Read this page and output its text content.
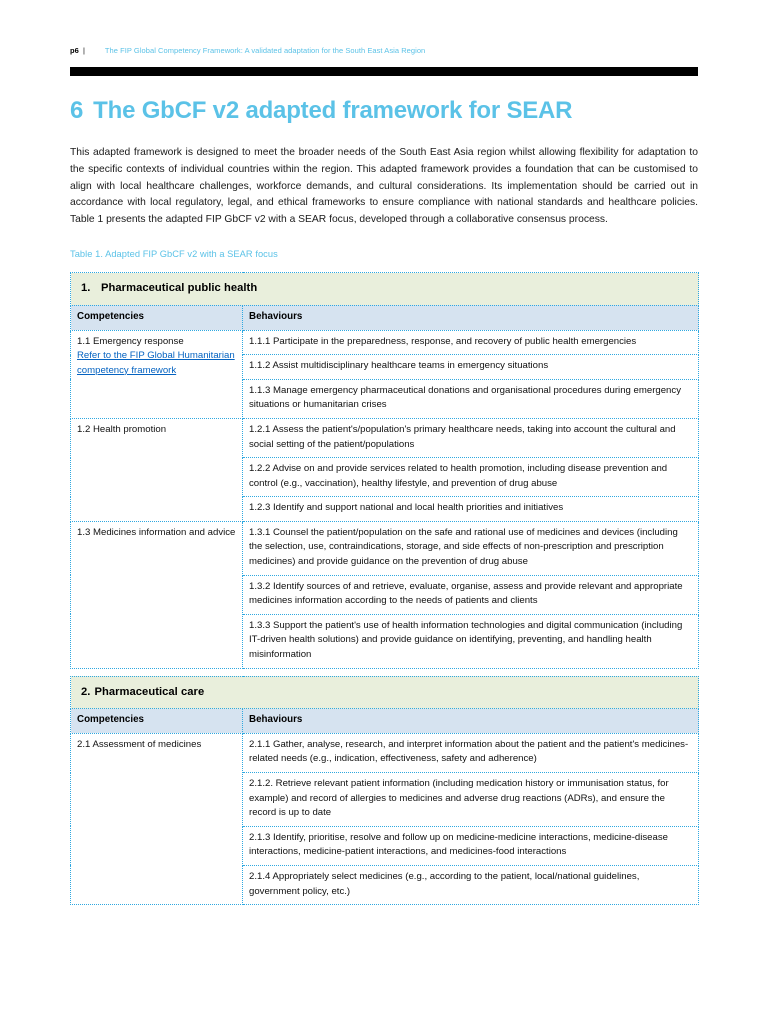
p6 |	The FIP Global Competency Framework: A validated adaptation for the South East Asia Region
6 The GbCF v2 adapted framework for SEAR

This adapted framework is designed to meet the broader needs of the South East Asia region whilst allowing flexibility for adaptation to the specific contexts of individual countries within the region. This adapted framework provides a foundation that can be customised to align with local healthcare challenges, workforce demands, and cultural considerations. Its implementation should be carried out in accordance with local regulatory, legal, and ethical frameworks to ensure compliance with national standards and healthcare policies. Table 1 presents the adapted FIP GbCF v2 with a SEAR focus, developed through a collaborative consensus process.

Table 1. Adapted FIP GbCF v2 with a SEAR focus
1. Pharmaceutical public health	
Competencies	Behaviours

1.1 Emergency response
Refer to the FIP Global Humanitarian competency framework	1.1.1 Participate in the preparedness, response, and recovery of public health emergencies
	1.1.2 Assist multidisciplinary healthcare teams in emergency situations
	1.1.3 Manage emergency pharmaceutical donations and organisational procedures during emergency situations or humanitarian crises

1.2 Health promotion	1.2.1 Assess the patient's/population's primary healthcare needs, taking into account the cultural and social setting of the patient/populations
	1.2.2 Advise on and provide services related to health promotion, including disease prevention and control (e.g., vaccination), healthy lifestyle, and prevention of drug abuse
	1.2.3 Identify and support national and local health priorities and initiatives

1.3 Medicines information and advice	1.3.1 Counsel the patient/population on the safe and rational use of medicines and devices (including the selection, use, contraindications, storage, and side effects of non-prescription and prescription medicines) and provide guidance on the prevention of drug abuse
	1.3.2 Identify sources of and retrieve, evaluate, organise, assess and provide relevant and appropriate medicines information according to the needs of patients and clients
	1.3.3 Support the patient's use of health information technologies and digital communication (including IT-driven health solutions) and provide guidance on identifying, preventing, and handling health misinformation

2. Pharmaceutical care	
Competencies	Behaviours

2.1 Assessment of medicines	2.1.1 Gather, analyse, research, and interpret information about the patient and the patient's medicines-related needs (e.g., indication, effectiveness, safety and adherence)
	2.1.2. Retrieve relevant patient information (including medication history or immunisation status, for example) and record of allergies to medicines and adverse drug reactions (ADRs), and ensure the record is up to date
	2.1.3 Identify, prioritise, resolve and follow up on medicine-medicine interactions, medicine-disease interactions, medicine-patient interactions, and medicines-food interactions
	2.1.4 Appropriately select medicines (e.g., according to the patient, local/national guidelines, government policy, etc.)
